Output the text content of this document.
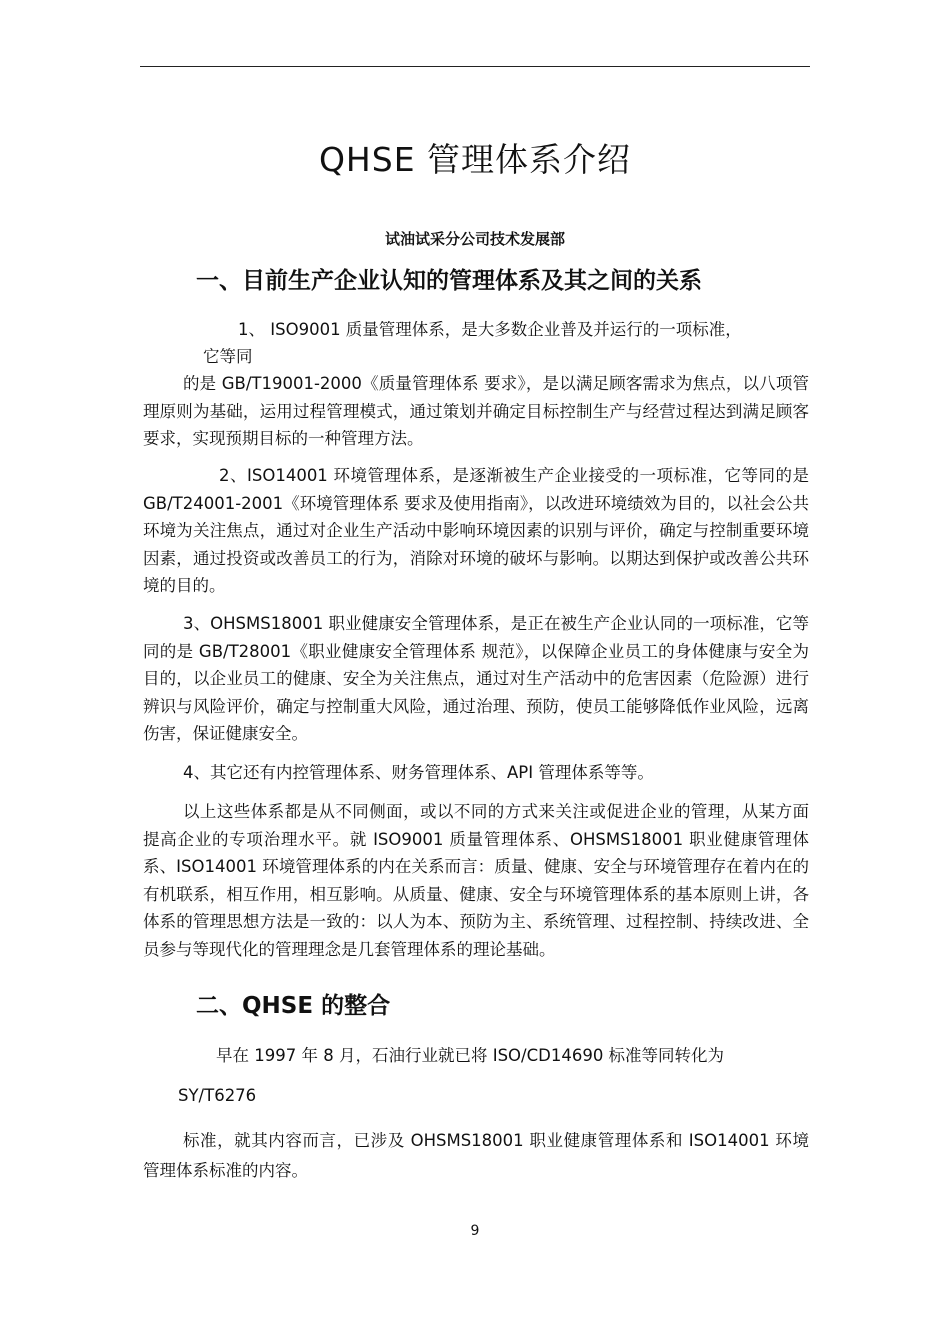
QHSE 管理体系介绍
试油试采分公司技术发展部
一、目前生产企业认知的管理体系及其之间的关系
1、 ISO9001 质量管理体系，是大多数企业普及并运行的一项标准，
它等同
的是 GB/T19001-2000《质量管理体系 要求》，是以满足顾客需求为焦点，以八项管理原则为基础，运用过程管理模式，通过策划并确定目标控制生产与经营过程达到满足顾客要求，实现预期目标的一种管理方法。
2、ISO14001 环境管理体系，是逐渐被生产企业接受的一项标准，它等同的是 GB/T24001-2001《环境管理体系 要求及使用指南》，以改进环境绩效为目的，以社会公共环境为关注焦点，通过对企业生产活动中影响环境因素的识别与评价，确定与控制重要环境因素，通过投资或改善员工的行为，消除对环境的破坏与影响。以期达到保护或改善公共环境的目的。
3、OHSMS18001 职业健康安全管理体系，是正在被生产企业认同的一项标准，它等同的是 GB/T28001《职业健康安全管理体系 规范》，以保障企业员工的身体健康与安全为目的，以企业员工的健康、安全为关注焦点，通过对生产活动中的危害因素（危险源）进行辨识与风险评价，确定与控制重大风险，通过治理、预防，使员工能够降低作业风险，远离伤害，保证健康安全。
4、其它还有内控管理体系、财务管理体系、API 管理体系等等。
以上这些体系都是从不同侧面，或以不同的方式来关注或促进企业的管理，从某方面提高企业的专项治理水平。就 ISO9001 质量管理体系、OHSMS18001 职业健康管理体系、ISO14001 环境管理体系的内在关系而言：质量、健康、安全与环境管理存在着内在的有机联系，相互作用，相互影响。从质量、健康、安全与环境管理体系的基本原则上讲，各体系的管理思想方法是一致的：以人为本、预防为主、系统管理、过程控制、持续改进、全员参与等现代化的管理理念是几套管理体系的理论基础。
二、QHSE 的整合
早在 1997 年 8 月，石油行业就已将 ISO/CD14690 标准等同转化为
SY/T6276
标准，就其内容而言，已涉及 OHSMS18001 职业健康管理体系和 ISO14001 环境管理体系标准的内容。
9
